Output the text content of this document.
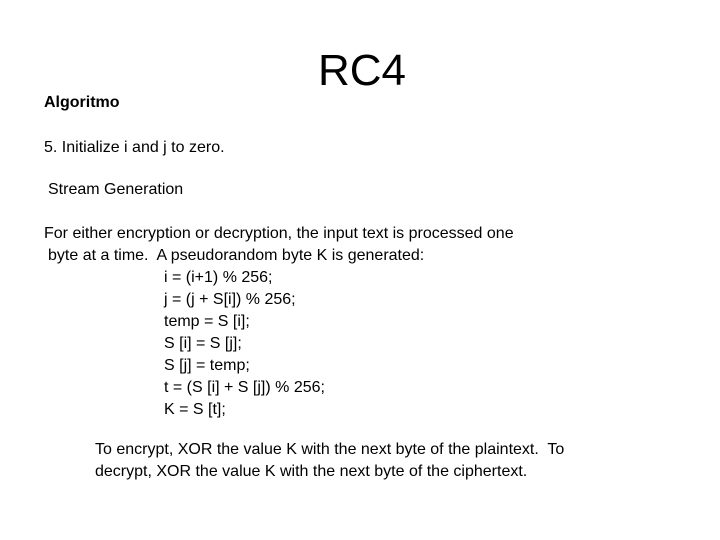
RC4
Algoritmo
5. Initialize i and j to zero.
Stream Generation
For either encryption or decryption, the input text is processed one
byte at a time.  A pseudorandom byte K is generated:
i = (i+1) % 256;
j = (j + S[i]) % 256;
temp = S [i];
S [i] = S [j];
S [j] = temp;
t = (S [i] + S [j]) % 256;
K = S [t];
To encrypt, XOR the value K with the next byte of the plaintext.  To
decrypt, XOR the value K with the next byte of the ciphertext.
